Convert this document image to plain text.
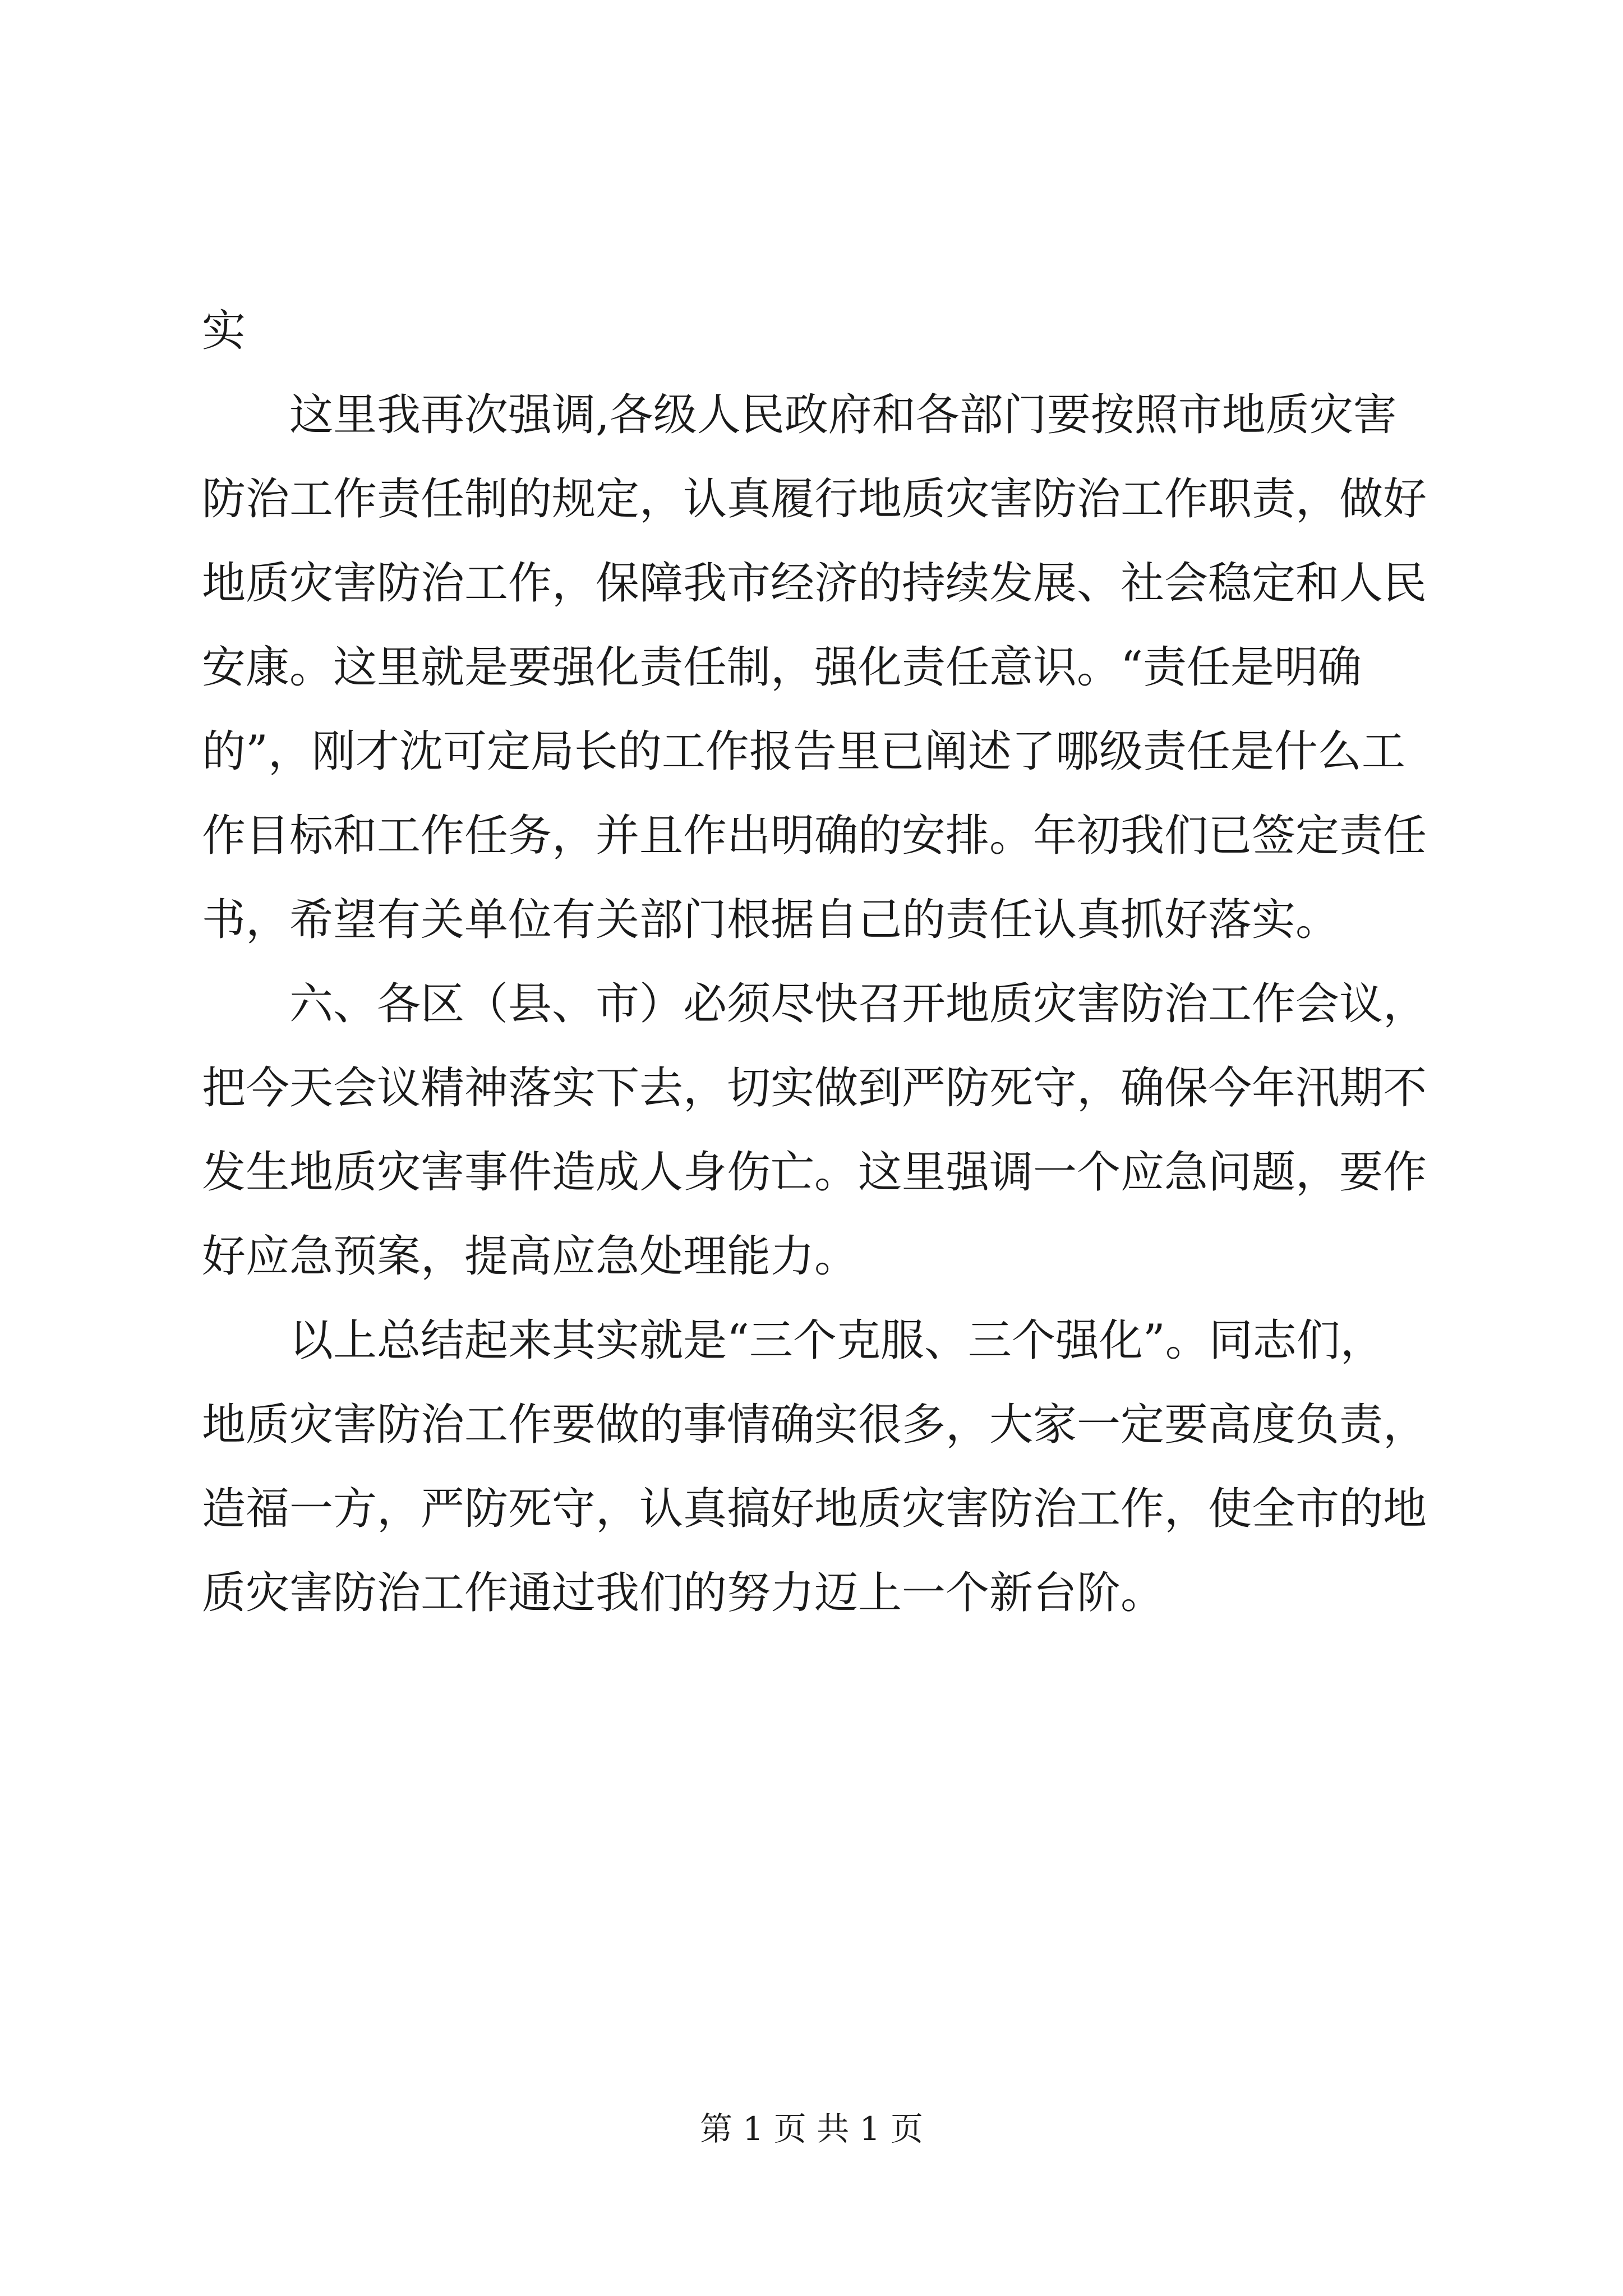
实

　　这里我再次强调,各级人民政府和各部门要按照市地质灾害

防治工作责任制的规定，认真履行地质灾害防治工作职责，做好

地质灾害防治工作，保障我市经济的持续发展、社会稳定和人民

安康。这里就是要强化责任制，强化责任意识。“责任是明确

的”，刚才沈可定局长的工作报告里已阐述了哪级责任是什么工

作目标和工作任务，并且作出明确的安排。年初我们已签定责任

书，希望有关单位有关部门根据自己的责任认真抓好落实。

　　六、各区（县、市）必须尽快召开地质灾害防治工作会议，

把今天会议精神落实下去，切实做到严防死守，确保今年汛期不

发生地质灾害事件造成人身伤亡。这里强调一个应急问题，要作

好应急预案，提高应急处理能力。

　　以上总结起来其实就是“三个克服、三个强化”。同志们，

地质灾害防治工作要做的事情确实很多，大家一定要高度负责，

造福一方，严防死守，认真搞好地质灾害防治工作，使全市的地

质灾害防治工作通过我们的努力迈上一个新台阶。

第 1 页 共 1 页
